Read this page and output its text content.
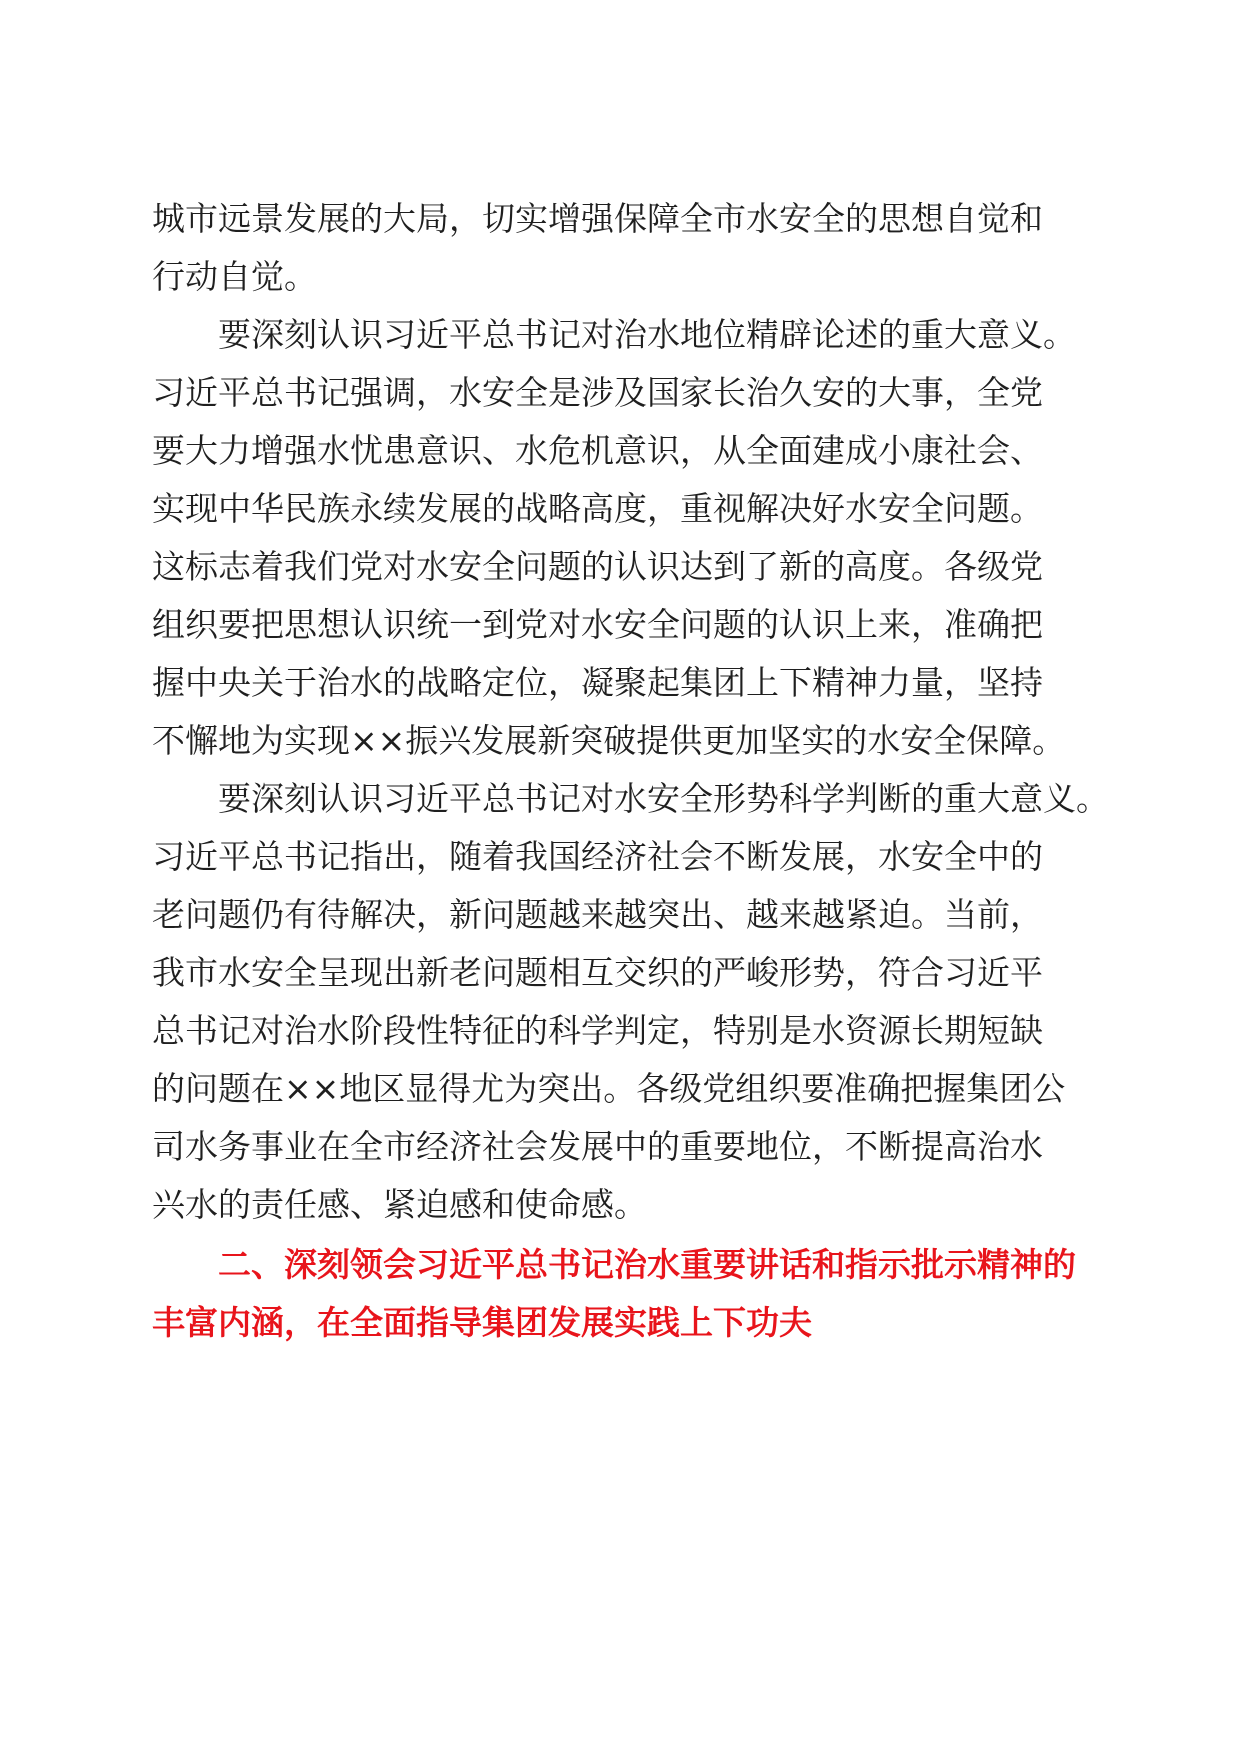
城市远景发展的大局，切实增强保障全市水安全的思想自觉和
行动自觉。
　　要深刻认识习近平总书记对治水地位精辟论述的重大意义。
习近平总书记强调，水安全是涉及国家长治久安的大事，全党
要大力增强水忧患意识、水危机意识，从全面建成小康社会、
实现中华民族永续发展的战略高度，重视解决好水安全问题。
这标志着我们党对水安全问题的认识达到了新的高度。各级党
组织要把思想认识统一到党对水安全问题的认识上来，准确把
握中央关于治水的战略定位，凝聚起集团上下精神力量，坚持
不懈地为实现××振兴发展新突破提供更加坚实的水安全保障。
　　要深刻认识习近平总书记对水安全形势科学判断的重大意义。
习近平总书记指出，随着我国经济社会不断发展，水安全中的
老问题仍有待解决，新问题越来越突出、越来越紧迫。当前，
我市水安全呈现出新老问题相互交织的严峻形势，符合习近平
总书记对治水阶段性特征的科学判定，特别是水资源长期短缺
的问题在××地区显得尤为突出。各级党组织要准确把握集团公
司水务事业在全市经济社会发展中的重要地位，不断提高治水
兴水的责任感、紧迫感和使命感。
　　二、深刻领会习近平总书记治水重要讲话和指示批示精神的
丰富内涵，在全面指导集团发展实践上下功夫
